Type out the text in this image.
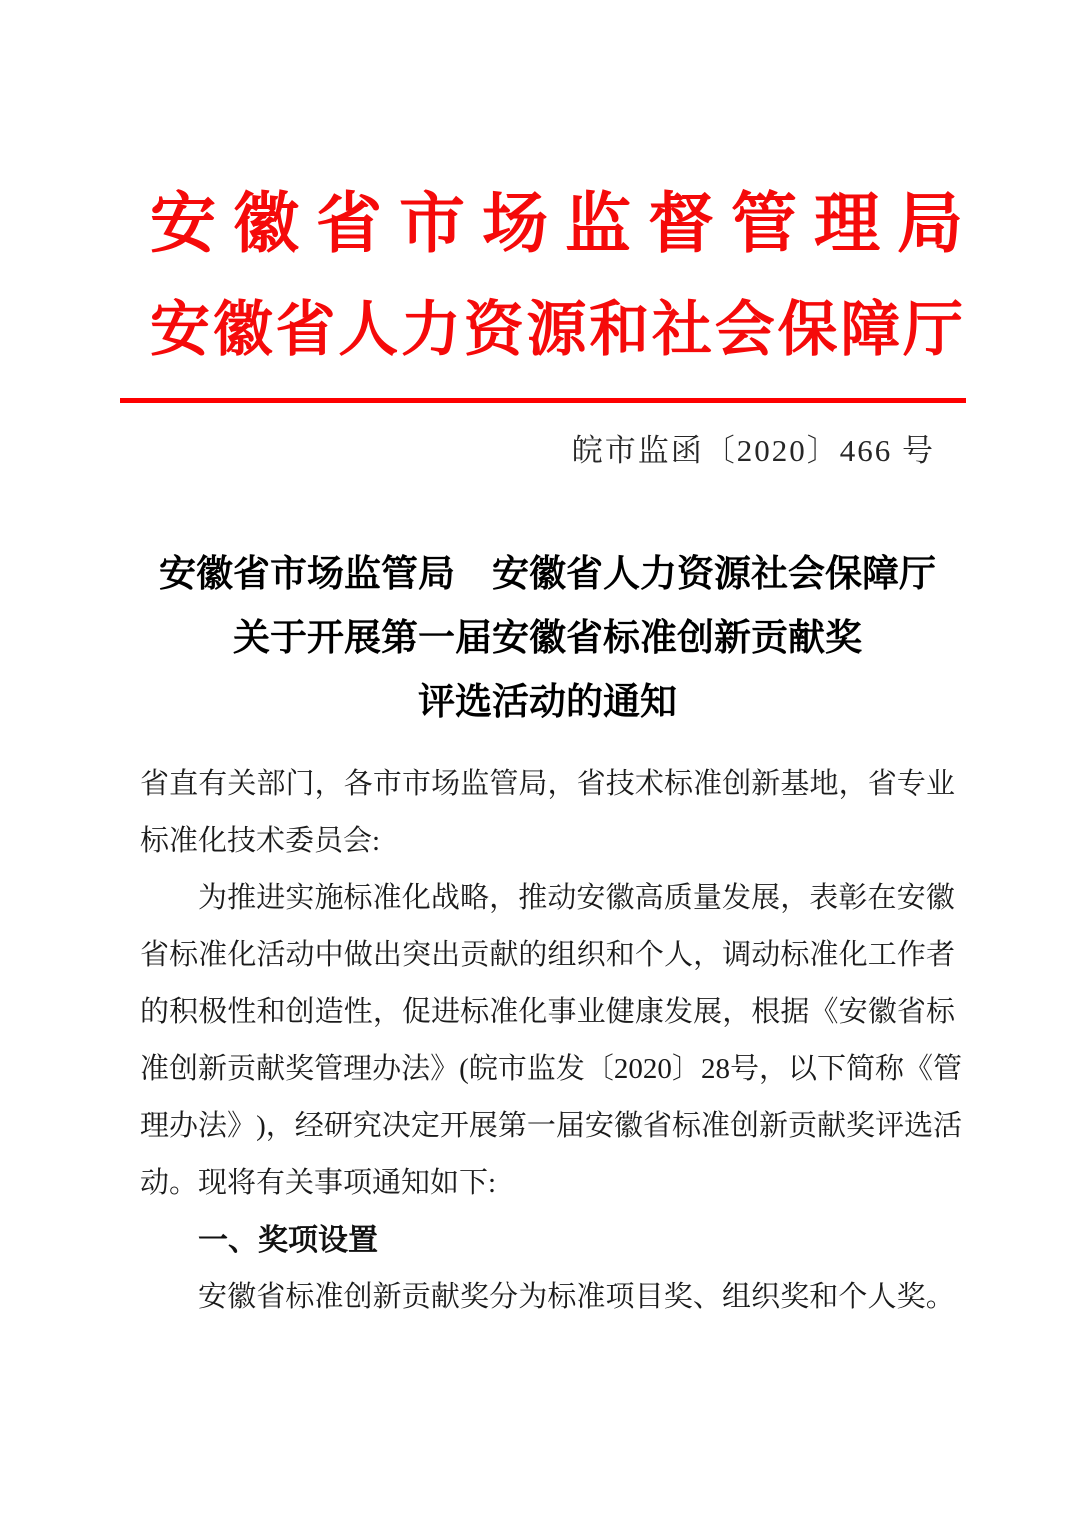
安 徽 省 市 场 监 督 管 理 局
安 徽 省 人 力 资 源 和 社 会 保 障 厅
皖市监函〔2020〕466 号
安徽省市场监管局　安徽省人力资源社会保障厅
关于开展第一届安徽省标准创新贡献奖
评选活动的通知
省 直 有 关 部 门 ， 各 市 市 场 监 管 局 ， 省 技 术 标 准 创 新 基 地 ， 省 专 业
标准化技术委员会:
为 推 进 实 施 标 准 化 战 略 ， 推 动 安 徽 高 质 量 发 展 ， 表 彰 在 安 徽
省 标 准 化 活 动 中 做 出 突 出 贡 献 的 组 织 和 个 人 ， 调 动 标 准 化 工 作 者
的 积 极 性 和 创 造 性 ， 促 进 标 准 化 事 业 健 康 发 展 ， 根 据 《 安 徽 省 标
准 创 新 贡 献 奖 管 理 办 法 》 ( 皖 市 监 发 〔 2 0 2 0 〕 2 8 号 ， 以 下 简 称 《 管
理 办 法 》 ) ， 经 研 究 决 定 开 展 第 一 届 安 徽 省 标 准 创 新 贡 献 奖 评 选 活
动。现将有关事项通知如下:
一、奖项设置
安 徽 省 标 准 创 新 贡 献 奖 分 为 标 准 项 目 奖 、 组 织 奖 和 个 人 奖 。
